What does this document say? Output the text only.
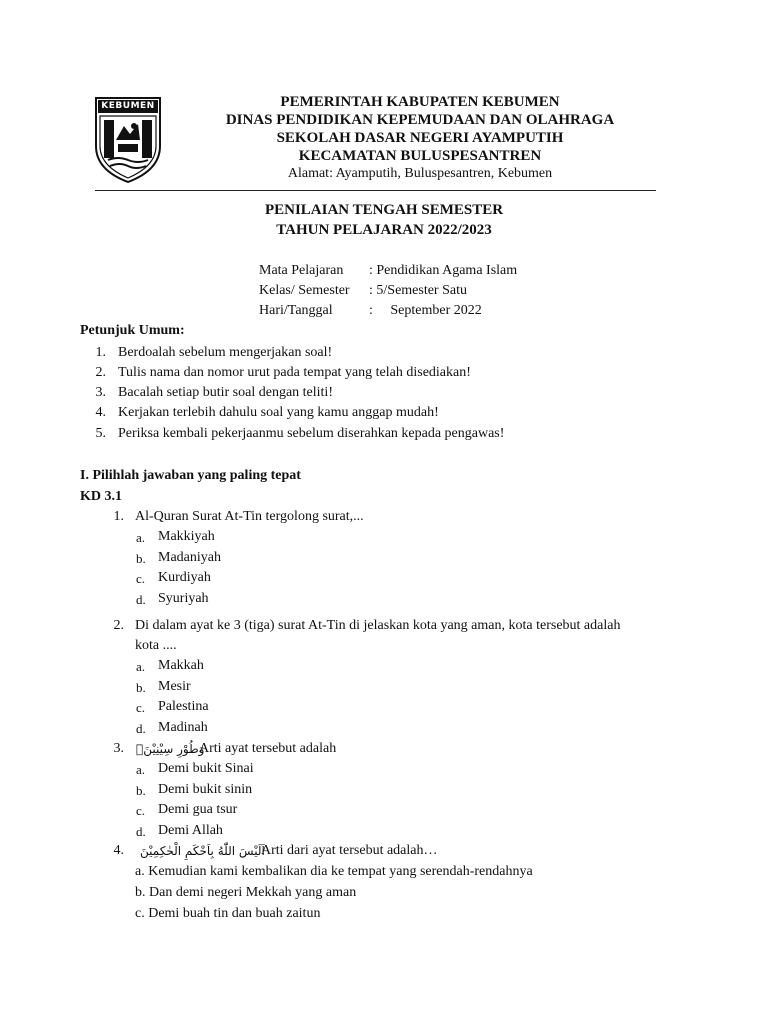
KEBUMEN	PEMERINTAH KABUPATEN KEBUMEN
DINAS PENDIDIKAN KEPEMUDAAN DAN OLAHRAGA
SEKOLAH DASAR NEGERI AYAMPUTIH
KECAMATAN BULUSPESANTREN
Alamat: Ayamputih, Buluspesantren, Kebumen
PENILAIAN TENGAH SEMESTER
TAHUN PELAJARAN 2022/2023
Mata Pelajaran : Pendidikan Agama Islam
Kelas/ Semester : 5/Semester Satu
Hari/Tanggal	:     September 2022
Petunjuk Umum:
1. Berdoalah sebelum mengerjakan soal!
2. Tulis nama dan nomor urut pada tempat yang telah disediakan!
3. Bacalah setiap butir soal dengan teliti!
4. Kerjakan terlebih dahulu soal yang kamu anggap mudah!
5. Periksa kembali pekerjaanmu sebelum diserahkan kepada pengawas!
I. Pilihlah jawaban yang paling tepat
KD 3.1
1. Al-Quran Surat At-Tin tergolong surat,...
a. Makkiyah
b. Madaniyah
c. Kurdiyah
d. Syuriyah
2. Di dalam ayat ke 3 (tiga) surat At-Tin di jelaskan kota yang aman, kota tersebut adalah
kota ....
a. Makkah
b. Mesir
c. Palestina
d. Madinah
3. وَطُوْرِ سِيْنِيْنَۙ
Arti ayat tersebut adalah
a. Demi bukit Sinai
b. Demi bukit sinin
c. Demi gua tsur
d. Demi Allah
4. اَلَيْسَ اللّٰهُ بِاَحْكَمِ الْحٰكِمِيْنَ
Arti dari ayat tersebut adalah…
a. Kemudian kami kembalikan dia ke tempat yang serendah-rendahnya
b. Dan demi negeri Mekkah yang aman
c. Demi buah tin dan buah zaitun
